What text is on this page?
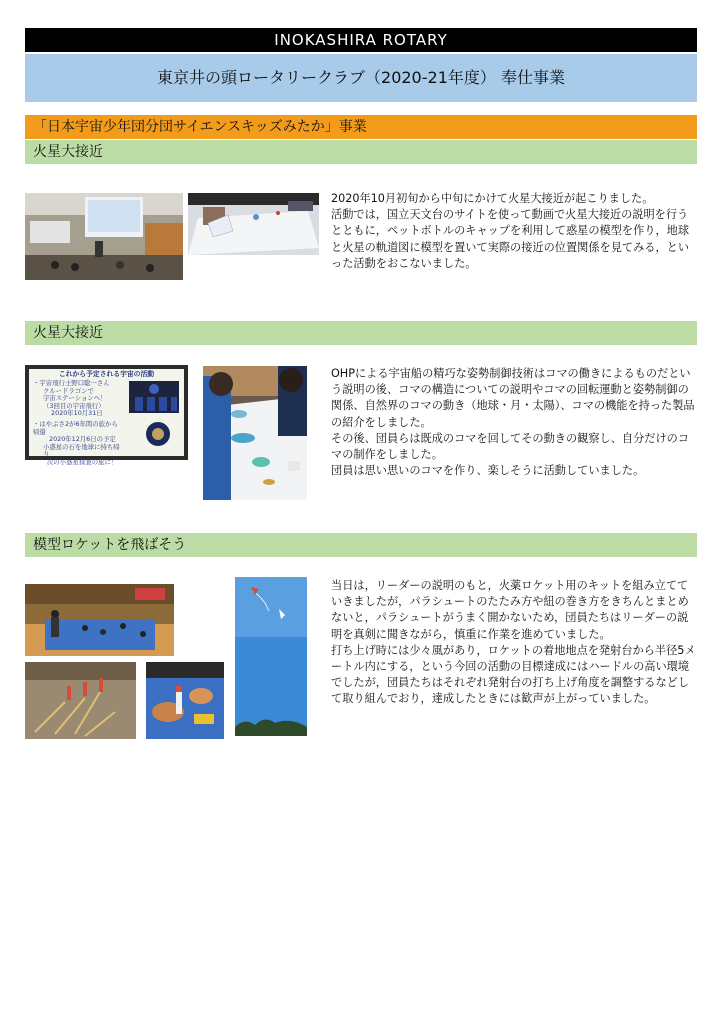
INOKASHIRA ROTARY
東京井の頭ロータリークラブ（2020-21年度） 奉仕事業
「日本宇宙少年団分団サイエンスキッズみたか」事業
火星大接近

2020年10月初旬から中旬にかけて火星大接近が起こりました。
活動では，国立天文台のサイトを使って動画で火星大接近の説明を行うとともに，ペットボトルのキャップを利用して惑星の模型を作り，地球と火星の軌道図に模型を置いて実際の接近の位置関係を見てみる，といった活動をおこないました。

火星大接近
これから予定される宇宙の活動
・宇宙飛行士野口聡一さん
クルードラゴンで
宇宙ステーションへ！
（3回目の宇宙飛行）
2020年10月31日
・はやぶさ2が6年間の旅から帰還
2020年12月6日の予定
小惑星の石を地球に持ち帰り
次の小惑星探査の旅に！

OHPによる宇宙船の精巧な姿勢制御技術はコマの働きによるものだという説明の後、コマの構造についての説明やコマの回転運動と姿勢制御の関係、自然界のコマの動き（地球・月・太陽）、コマの機能を持った製品の紹介をしました。
その後、団員らは既成のコマを回してその動きの観察し、自分だけのコマの制作をしました。
団員は思い思いのコマを作り、楽しそうに活動していました。

模型ロケットを飛ばそう

当日は，リーダーの説明のもと，火薬ロケット用のキットを組み立てていきましたが，パラシュートのたたみ方や紐の巻き方をきちんとまとめないと，パラシュートがうまく開かないため，団員たちはリーダーの説明を真剣に聞きながら，慎重に作業を進めていました。
打ち上げ時には少々風があり，ロケットの着地地点を発射台から半径5メートル内にする，という今回の活動の目標達成にはハードルの高い環境でしたが，団員たちはそれぞれ発射台の打ち上げ角度を調整するなどして取り組んでおり，達成したときには歓声が上がっていました。
